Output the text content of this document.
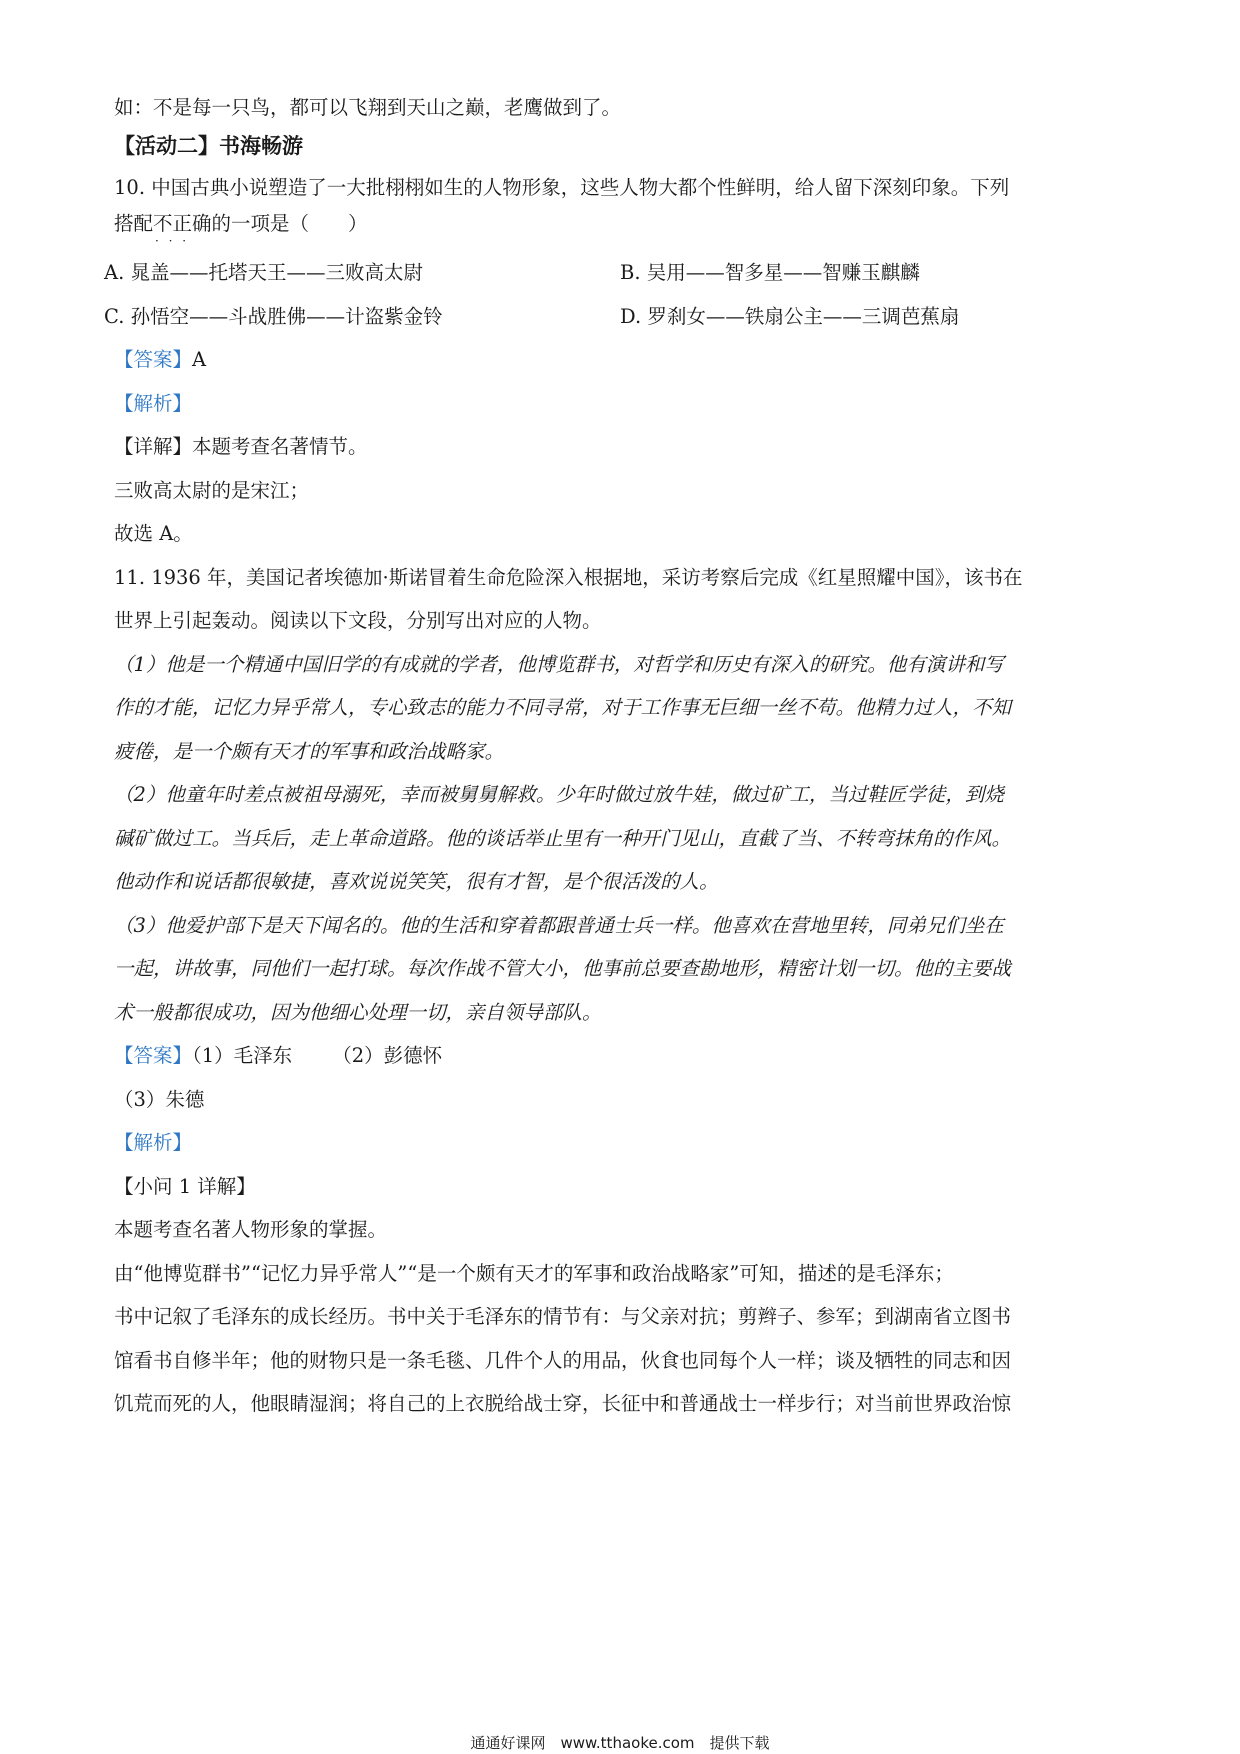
如：不是每一只鸟，都可以飞翔到天山之巅，老鹰做到了。
【活动二】书海畅游
10. 中国古典小说塑造了一大批栩栩如生的人物形象，这些人物大都个性鲜明，给人留下深刻印象。下列
搭配不正确 · · ·的一项是（　　）
A. 晁盖——托塔天王——三败高太尉	B. 吴用——智多星——智赚玉麒麟
C. 孙悟空——斗战胜佛——计盗紫金铃	D. 罗刹女——铁扇公主——三调芭蕉扇
【答案】A
【解析】
【详解】本题考查名著情节。
三败高太尉的是宋江；
故选 A。
11. 1936 年，美国记者埃德加·斯诺冒着生命危险深入根据地，采访考察后完成《红星照耀中国》，该书在
世界上引起轰动。阅读以下文段，分别写出对应的人物。
（1）他是一个精通中国旧学的有成就的学者，他博览群书，对哲学和历史有深入的研究。他有演讲和写
作的才能，记忆力异乎常人，专心致志的能力不同寻常，对于工作事无巨细一丝不苟。他精力过人，不知
疲倦，是一个颇有天才的军事和政治战略家。
（2）他童年时差点被祖母溺死，幸而被舅舅解救。少年时做过放牛娃，做过矿工，当过鞋匠学徒，到烧
碱矿做过工。当兵后，走上革命道路。他的谈话举止里有一种开门见山，直截了当、不转弯抹角的作风。
他动作和说话都很敏捷，喜欢说说笑笑，很有才智，是个很活泼的人。
（3）他爱护部下是天下闻名的。他的生活和穿着都跟普通士兵一样。他喜欢在营地里转，同弟兄们坐在
一起，讲故事，同他们一起打球。每次作战不管大小，他事前总要查勘地形，精密计划一切。他的主要战
术一般都很成功，因为他细心处理一切，亲自领导部队。
【答案】（1）毛泽东 （2）彭德怀
（3）朱德
【解析】
【小问 1 详解】
本题考查名著人物形象的掌握。
由“他博览群书”“记忆力异乎常人”“是一个颇有天才的军事和政治战略家”可知，描述的是毛泽东；
书中记叙了毛泽东的成长经历。书中关于毛泽东的情节有：与父亲对抗；剪辫子、参军；到湖南省立图书
馆看书自修半年；他的财物只是一条毛毯、几件个人的用品，伙食也同每个人一样；谈及牺牲的同志和因
饥荒而死的人，他眼睛湿润；将自己的上衣脱给战士穿，长征中和普通战士一样步行；对当前世界政治惊
通通好课网　www.tthaoke.com　提供下载
